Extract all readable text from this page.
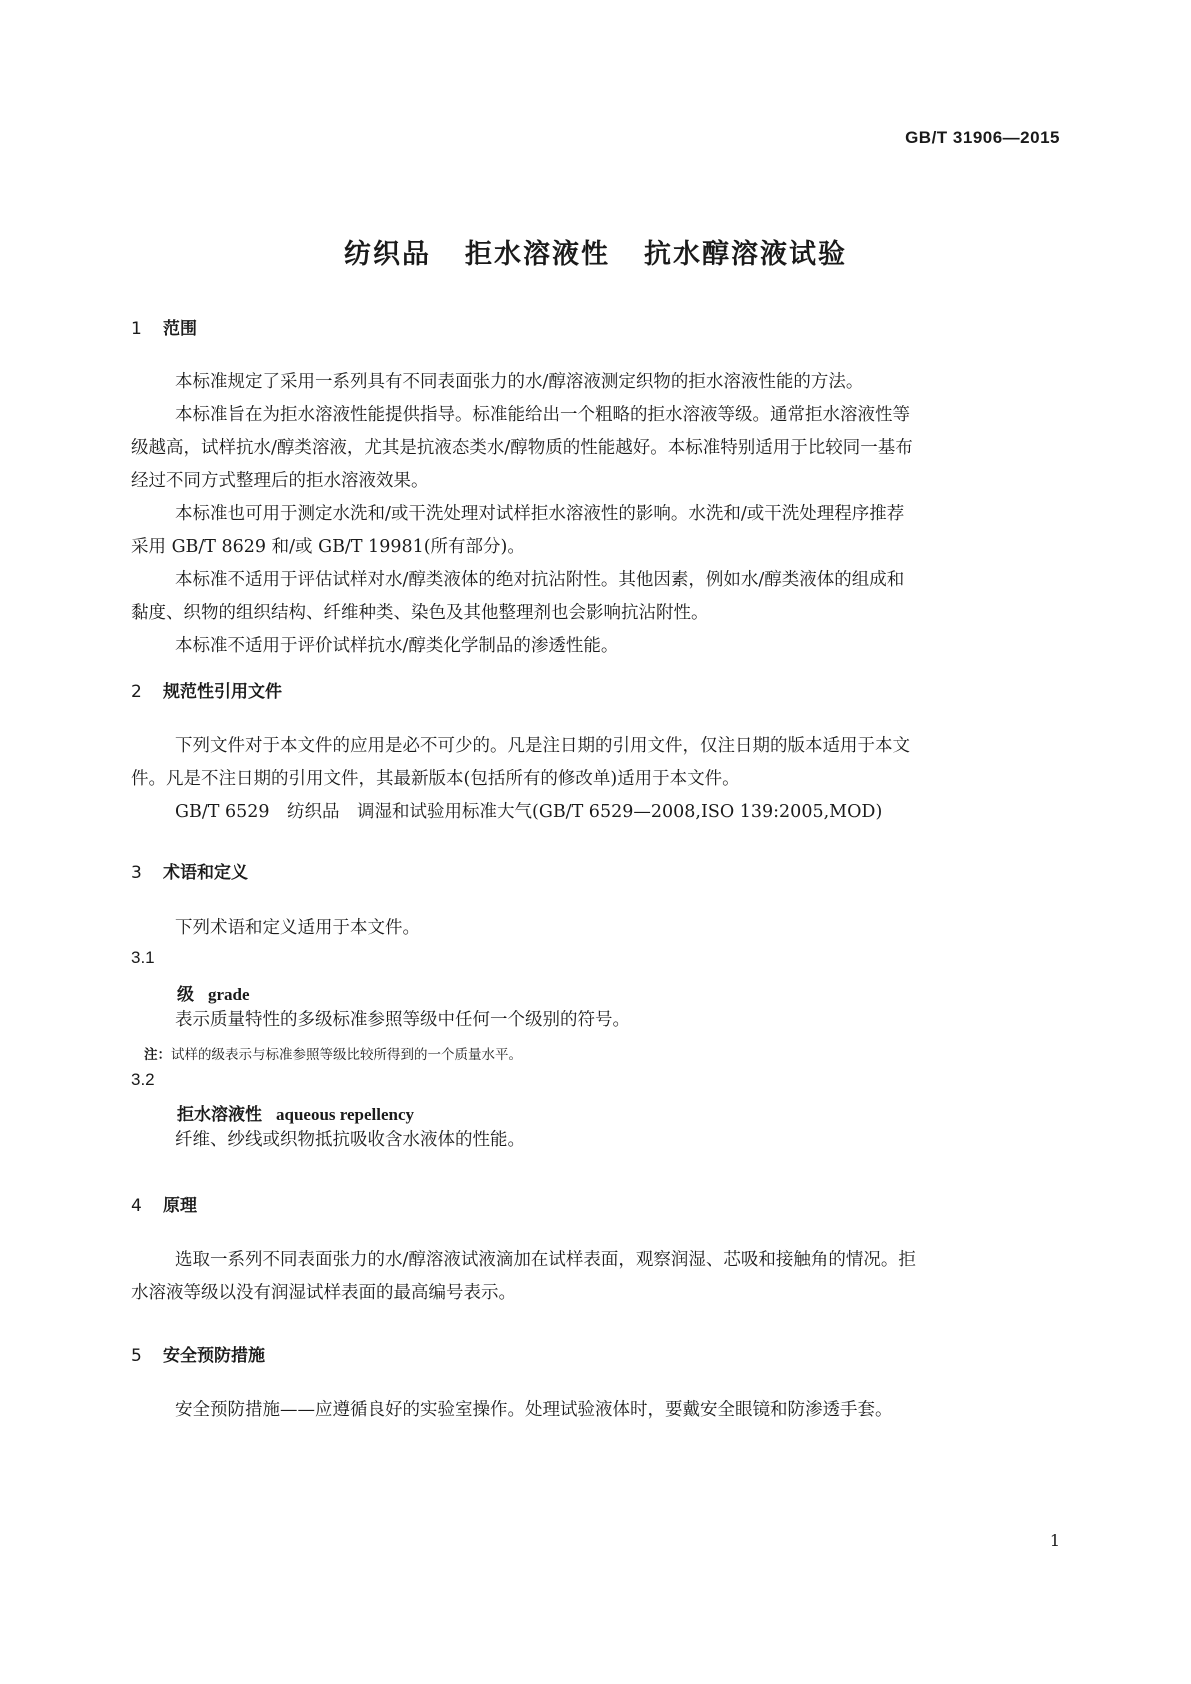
GB/T 31906—2015
纺织品 拒水溶液性 抗水醇溶液试验
1 范围
本标准规定了采用一系列具有不同表面张力的水/醇溶液测定织物的拒水溶液性能的方法。
本标准旨在为拒水溶液性能提供指导。标准能给出一个粗略的拒水溶液等级。通常拒水溶液性等
级越高，试样抗水/醇类溶液，尤其是抗液态类水/醇物质的性能越好。本标准特别适用于比较同一基布
经过不同方式整理后的拒水溶液效果。
本标准也可用于测定水洗和/或干洗处理对试样拒水溶液性的影响。水洗和/或干洗处理程序推荐
采用 GB/T 8629 和/或 GB/T 19981(所有部分)。
本标准不适用于评估试样对水/醇类液体的绝对抗沾附性。其他因素，例如水/醇类液体的组成和
黏度、织物的组织结构、纤维种类、染色及其他整理剂也会影响抗沾附性。
本标准不适用于评价试样抗水/醇类化学制品的渗透性能。
2 规范性引用文件
下列文件对于本文件的应用是必不可少的。凡是注日期的引用文件，仅注日期的版本适用于本文
件。凡是不注日期的引用文件，其最新版本(包括所有的修改单)适用于本文件。
GB/T 6529　纺织品　调湿和试验用标准大气(GB/T 6529—2008,ISO 139:2005,MOD)
3 术语和定义
下列术语和定义适用于本文件。
3.1
级 grade
表示质量特性的多级标准参照等级中任何一个级别的符号。
注：试样的级表示与标准参照等级比较所得到的一个质量水平。
3.2
拒水溶液性 aqueous repellency
纤维、纱线或织物抵抗吸收含水液体的性能。
4 原理
选取一系列不同表面张力的水/醇溶液试液滴加在试样表面，观察润湿、芯吸和接触角的情况。拒
水溶液等级以没有润湿试样表面的最高编号表示。
5 安全预防措施
安全预防措施——应遵循良好的实验室操作。处理试验液体时，要戴安全眼镜和防渗透手套。
1
